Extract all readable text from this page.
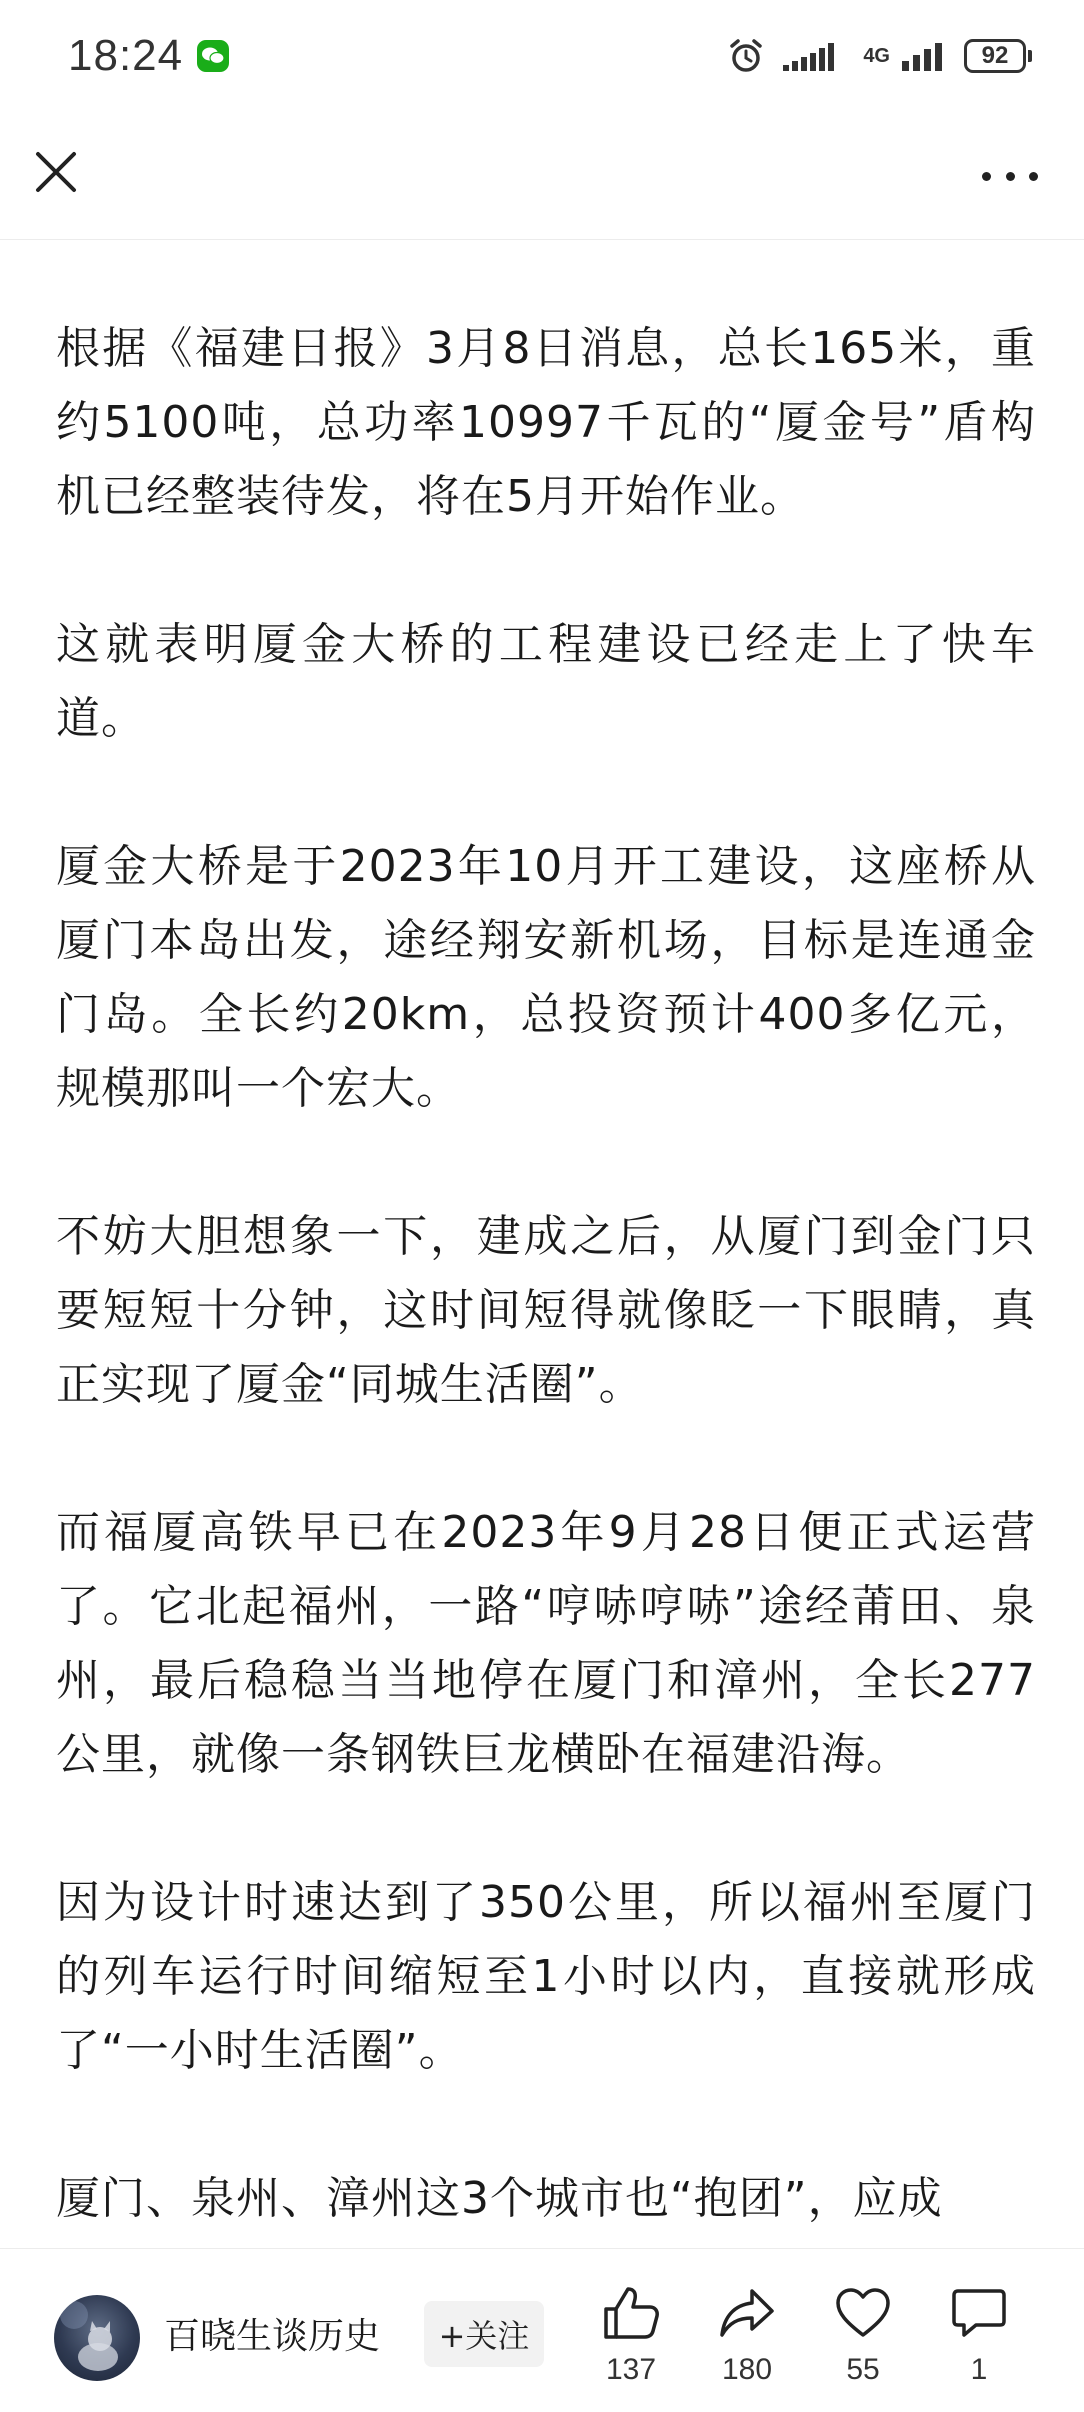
18:24	4G	92

根据《福建日报》3月8日消息，总长165米，重约5100吨，总功率10997千瓦的“厦金号”盾构机已经整装待发，将在5月开始作业。

这就表明厦金大桥的工程建设已经走上了快车道。

厦金大桥是于2023年10月开工建设，这座桥从厦门本岛出发，途经翔安新机场，目标是连通金门岛。全长约20km，总投资预计400多亿元，规模那叫一个宏大。

不妨大胆想象一下，建成之后，从厦门到金门只要短短十分钟，这时间短得就像眨一下眼睛，真正实现了厦金“同城生活圈”。

而福厦高铁早已在2023年9月28日便正式运营了。它北起福州，一路“哼哧哼哧”途经莆田、泉州，最后稳稳当当地停在厦门和漳州，全长277公里，就像一条钢铁巨龙横卧在福建沿海。

因为设计时速达到了350公里，所以福州至厦门的列车运行时间缩短至1小时以内，直接就形成了“一小时生活圈”。

厦门、泉州、漳州这3个城市也“抱团”，应成

百晓生谈历史	+关注
137	180	55	1
